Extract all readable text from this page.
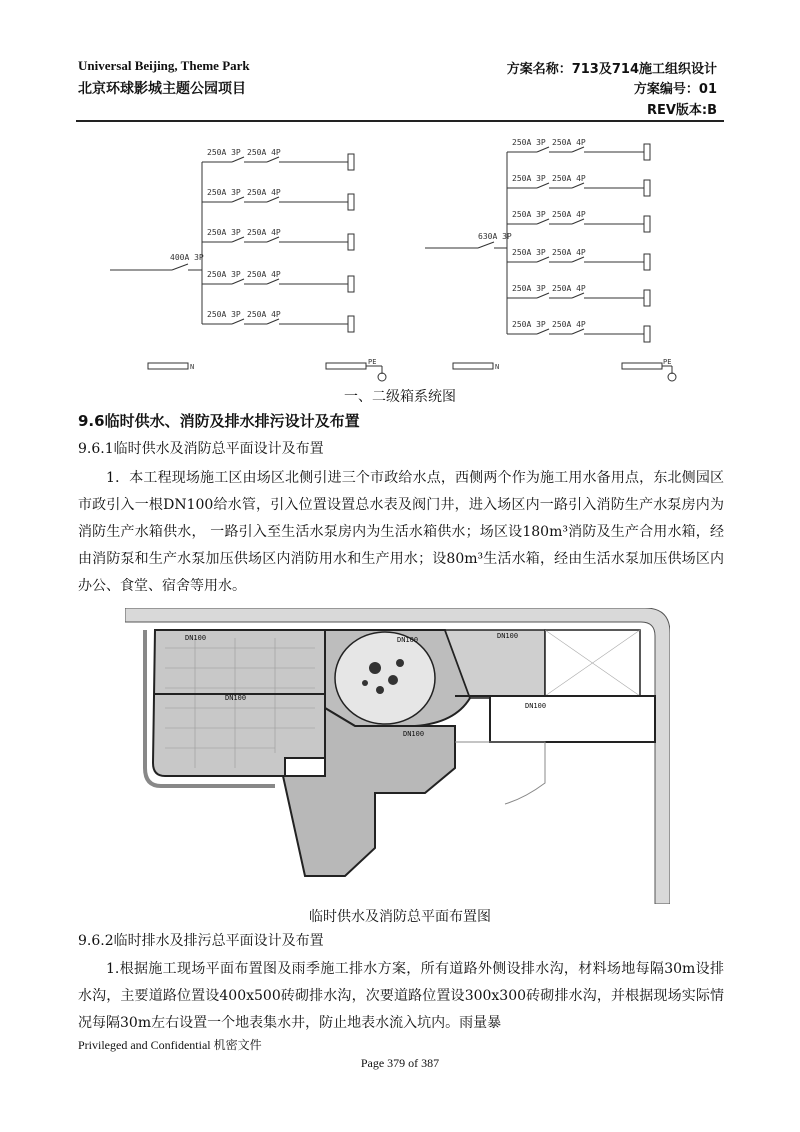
Universal Beijing, Theme Park
北京环球影城主题公园项目
方案名称：713及714施工组织设计
方案编号：01
REV版本:B
250A 3P 250A 4P
250A 3P 250A 4P
250A 3P 250A 4P
250A 3P 250A 4P
250A 3P 250A 4P
250A 3P 250A 4P
250A 3P 250A 4P
250A 3P 250A 4P
250A 3P 250A 4P
250A 3P 250A 4P
250A 3P 250A 4P
N
PE
N
PE
400A 3P
630A 3P
一、二级箱系统图
9.6临时供水、消防及排水排污设计及布置
9.6.1临时供水及消防总平面设计及布置
1．本工程现场施工区由场区北侧引进三个市政给水点，西侧两个作为施工用水备用点，东北侧园区市政引入一根DN100给水管，引入位置设置总水表及阀门井，进入场区内一路引入消防生产水泵房内为消防生产水箱供水， 一路引入至生活水泵房内为生活水箱供水；场区设180m³消防及生产合用水箱，经由消防泵和生产水泵加压供场区内消防用水和生产用水；设80m³生活水箱，经由生活水泵加压供场区内办公、食堂、宿舍等用水。
DN100	DN100	DN100
DN100
DN100
DN100
临时供水及消防总平面布置图
9.6.2临时排水及排污总平面设计及布置
1.根据施工现场平面布置图及雨季施工排水方案，所有道路外侧设排水沟，材料场地每隔30m设排水沟，主要道路位置设400x500砖砌排水沟，次要道路位置设300x300砖砌排水沟，并根据现场实际情况每隔30m左右设置一个地表集水井，防止地表水流入坑内。雨量暴
Privileged and Confidential 机密文件
Page 379 of 387
